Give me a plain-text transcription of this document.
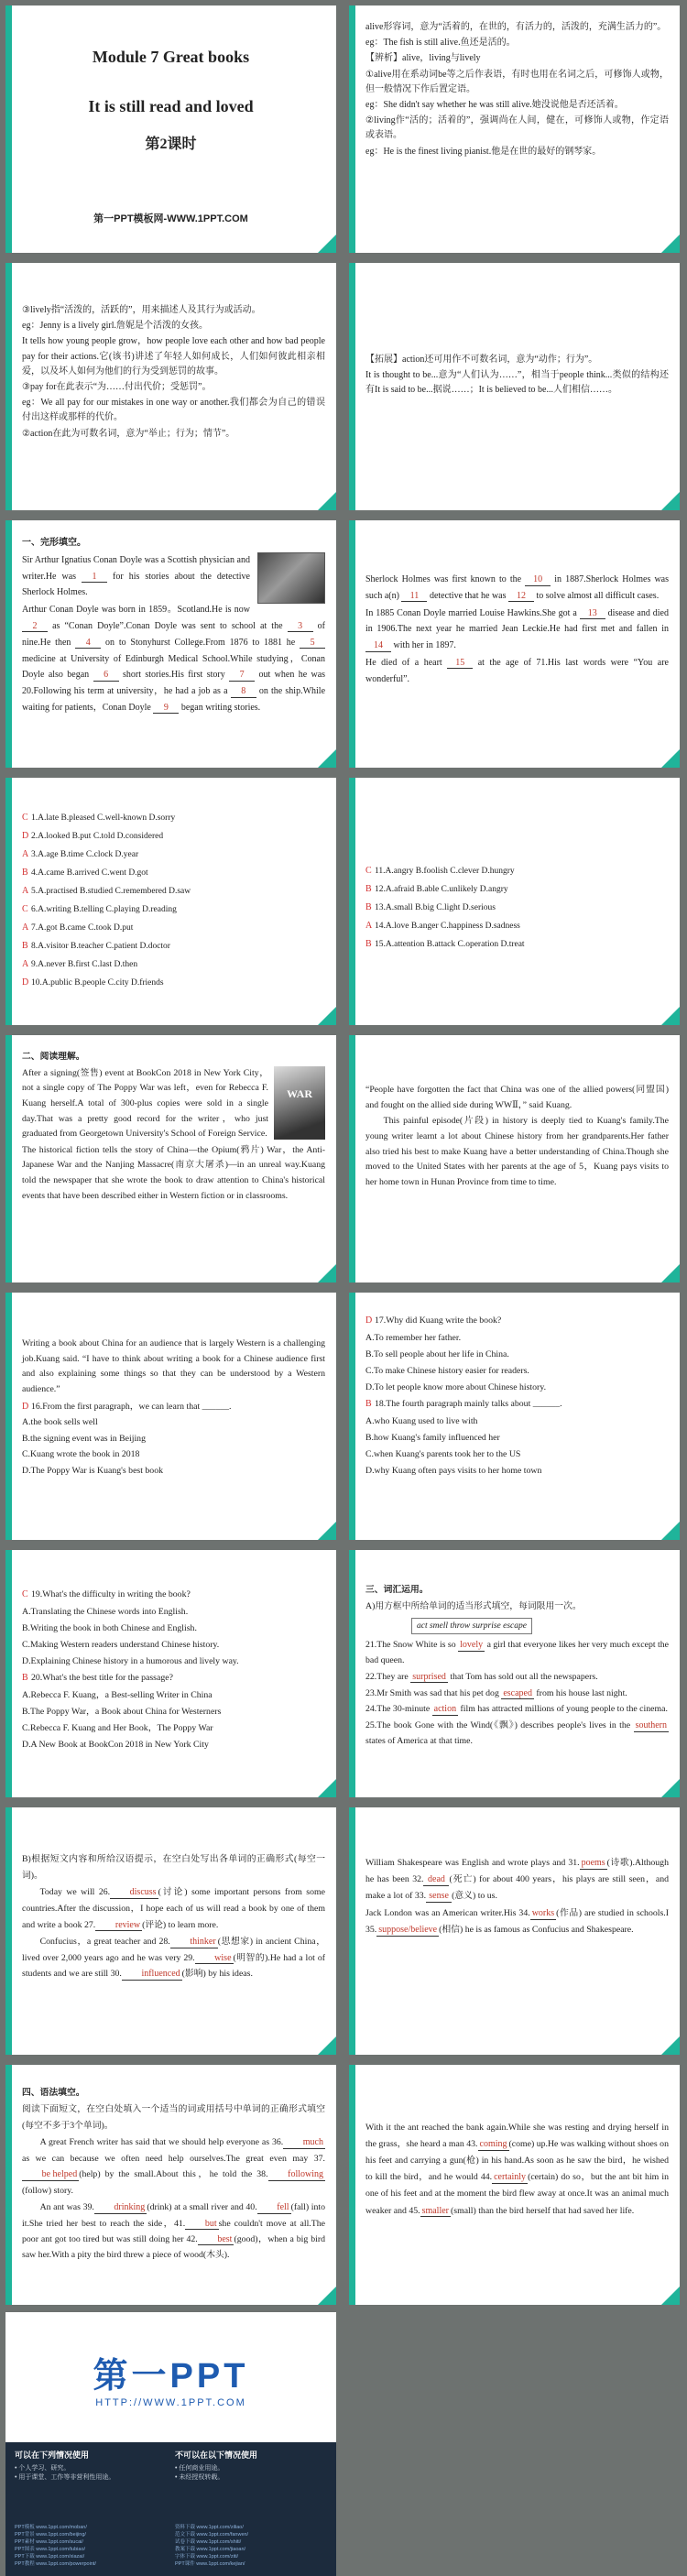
Module 7 Great books
It is still read and loved
第2课时
第一PPT模板网-WWW.1PPT.COM

alive形容词，意为“活着的，在世的，有活力的，活泼的，充满生活力的”。

eg：The fish is still alive.鱼还是活的。

【辨析】alive，living与lively

①alive用在系动词be等之后作表语，有时也用在名词之后，可修饰人或物，但一般情况下作后置定语。

eg：She didn't say whether he was still alive.她没说他是否还活着。

②living作“活的；活着的”，强调尚在人间，健在，可修饰人或物，作定语或表语。

eg：He is the finest living pianist.他是在世的最好的钢琴家。

③lively指“活泼的，活跃的”，用来描述人及其行为或活动。

eg：Jenny is a lively girl.詹妮是个活泼的女孩。

It tells how young people grow，how people love each other and how bad people pay for their actions.它(该书)讲述了年轻人如何成长，人们如何彼此相亲相爱，以及坏人如何为他们的行为受到惩罚的故事。

③pay for在此表示“为……付出代价；受惩罚”。

eg：We all pay for our mistakes in one way or another.我们都会为自己的错误付出这样或那样的代价。

②action在此为可数名词，意为“举止；行为；情节”。

【拓展】action还可用作不可数名词，意为“动作；行为”。

It is thought to be...意为“人们认为……”，相当于people think...类似的结构还有It is said to be...据说……；It is believed to be...人们相信……。

一、完形填空。

Sir Arthur Ignatius Conan Doyle was a Scottish physician and writer.He was 1 for his stories about the detective Sherlock Holmes.

Arthur Conan Doyle was born in 1859。Scotland.He is now 2 as “Conan Doyle”.Conan Doyle was sent to school at the 3 of nine.He then 4 on to Stonyhurst College.From 1876 to 1881 he 5 medicine at University of Edinburgh Medical School.While studying，Conan Doyle also began 6 short stories.His first story 7 out when he was 20.Following his term at university，he had a job as a 8 on the ship.While waiting for patients，Conan Doyle 9 began writing stories.

Sherlock Holmes was first known to the 10 in 1887.Sherlock Holmes was such a(n) 11 detective that he was 12 to solve almost all difficult cases.

In 1885 Conan Doyle married Louise Hawkins.She got a 13 disease and died in 1906.The next year he married Jean Leckie.He had first met and fallen in 14 with her in 1897.

He died of a heart 15 at the age of 71.His last words were “You are wonderful”.

C 1.A.late B.pleased C.well-known D.sorry

D 2.A.looked B.put C.told D.considered

A 3.A.age B.time C.clock D.year

B 4.A.came B.arrived C.went D.got

A 5.A.practised B.studied C.remembered D.saw

C 6.A.writing B.telling C.playing D.reading

A 7.A.got B.came C.took D.put

B 8.A.visitor B.teacher C.patient D.doctor

A 9.A.never B.first C.last D.then

D 10.A.public B.people C.city D.friends

C 11.A.angry B.foolish C.clever D.hungry

B 12.A.afraid B.able C.unlikely D.angry

B 13.A.small B.big C.light D.serious

A 14.A.love B.anger C.happiness D.sadness

B 15.A.attention B.attack C.operation D.treat

二、阅读理解。

WAR

After a signing(签售) event at BookCon 2018 in New York City，not a single copy of The Poppy War was left，even for Rebecca F. Kuang herself.A total of 300-plus copies were sold in a single day.That was a pretty good record for the writer，who just graduated from Georgetown University's School of Foreign Service.

The historical fiction tells the story of China—the Opium(鸦片) War，the Anti-Japanese War and the Nanjing Massacre(南京大屠杀)—in an unreal way.Kuang told the newspaper that she wrote the book to draw attention to China's historical events that have been described either in Western fiction or in classrooms.

“People have forgotten the fact that China was one of the allied powers(同盟国) and fought on the allied side during WWⅡ，” said Kuang.

This painful episode(片段) in history is deeply tied to Kuang's family.The young writer learnt a lot about Chinese history from her grandparents.Her father also tried his best to make Kuang have a better understanding of China.Though she moved to the United States with her parents at the age of 5，Kuang pays visits to her home town in Hunan Province from time to time.

Writing a book about China for an audience that is largely Western is a challenging job.Kuang said. “I have to think about writing a book for a Chinese audience first and also explaining some things so that they can be understood by a Western audience.”

D 16.From the first paragraph，we can learn that ______.

A.the book sells well

B.the signing event was in Beijing

C.Kuang wrote the book in 2018

D.The Poppy War is Kuang's best book

D 17.Why did Kuang write the book?

A.To remember her father.

B.To sell people about her life in China.

C.To make Chinese history easier for readers.

D.To let people know more about Chinese history.

B 18.The fourth paragraph mainly talks about ______.

A.who Kuang used to live with

B.how Kuang's family influenced her

C.when Kuang's parents took her to the US

D.why Kuang often pays visits to her home town

C 19.What's the difficulty in writing the book?

A.Translating the Chinese words into English.

B.Writing the book in both Chinese and English.

C.Making Western readers understand Chinese history.

D.Explaining Chinese history in a humorous and lively way.

B 20.What's the best title for the passage?

A.Rebecca F. Kuang，a Best-selling Writer in China

B.The Poppy War，a Book about China for Westerners

C.Rebecca F. Kuang and Her Book，The Poppy War

D.A New Book at BookCon 2018 in New York City

三、词汇运用。

A)用方框中所给单词的适当形式填空，每词限用一次。

act smell throw surprise escape

21.The Snow White is so lovely a girl that everyone likes her very much except the bad queen.

22.They are surprised that Tom has sold out all the newspapers.

23.Mr Smith was sad that his pet dog escaped from his house last night.

24.The 30-minute action film has attracted millions of young people to the cinema.

25.The book Gone with the Wind(《飘》) describes people's lives in the southern states of America at that time.

B)根据短文内容和所给汉语提示，在空白处写出各单词的正确形式(每空一词)。

Today we will 26. discuss (讨论) some important persons from some countries.After the discussion，I hope each of us will read a book by one of them and write a book 27. review (评论) to learn more.

Confucius，a great teacher and 28. thinker (思想家) in ancient China，lived over 2,000 years ago and he was very 29. wise (明智的).He had a lot of students and we are still 30. influenced (影响) by his ideas.

William Shakespeare was English and wrote plays and 31. poems (诗歌).Although he has been 32. dead (死亡) for about 400 years，his plays are still seen，and make a lot of 33. sense (意义) to us.

Jack London was an American writer.His 34. works (作品) are studied in schools.I 35. suppose/believe (相信) he is as famous as Confucius and Shakespeare.

四、语法填空。

阅读下面短文，在空白处填入一个适当的词或用括号中单词的正确形式填空(每空不多于3个单词)。

A great French writer has said that we should help everyone as 36. muchas we can because we often need help ourselves.The great even may 37.be helped (help) by the small.About this，he told the 38. following(follow) story.

An ant was 39. drinking (drink) at a small river and 40. fell (fall) into it.She tried her best to reach the side，41. but she couldn't move at all.The poor ant got too tired but was still doing her 42. best (good)，when a big bird saw her.With a pity the bird threw a piece of wood(木头).

With it the ant reached the bank again.While she was resting and drying herself in the grass，she heard a man 43. coming (come) up.He was walking without shoes on his feet and carrying a gun(枪) in his hand.As soon as he saw the bird，he wished to kill the bird，and he would 44. certainly (certain) do so，but the ant bit him in one of his feet and at the moment the bird flew away at once.It was an animal much weaker and 45. smaller (small) than the bird herself that had saved her life.

第一PPT
HTTP://WWW.1PPT.COM
可以在下列情况使用
• 个人学习、研究。
• 用于课堂、工作等非营利性用途。
不可以在以下情况使用
• 任何商业用途。
• 未经授权转载。
PPT模板 www.1ppt.com/moban/
PPT背景 www.1ppt.com/beijing/
PPT素材 www.1ppt.com/sucai/
PPT图表 www.1ppt.com/tubiao/
PPT下载 www.1ppt.com/xiazai/
PPT教程 www.1ppt.com/powerpoint/
资料下载 www.1ppt.com/ziliao/
范文下载 www.1ppt.com/fanwen/
试卷下载 www.1ppt.com/shiti/
教案下载 www.1ppt.com/jiaoan/
字体下载 www.1ppt.com/ziti/
PPT课件 www.1ppt.com/kejian/
